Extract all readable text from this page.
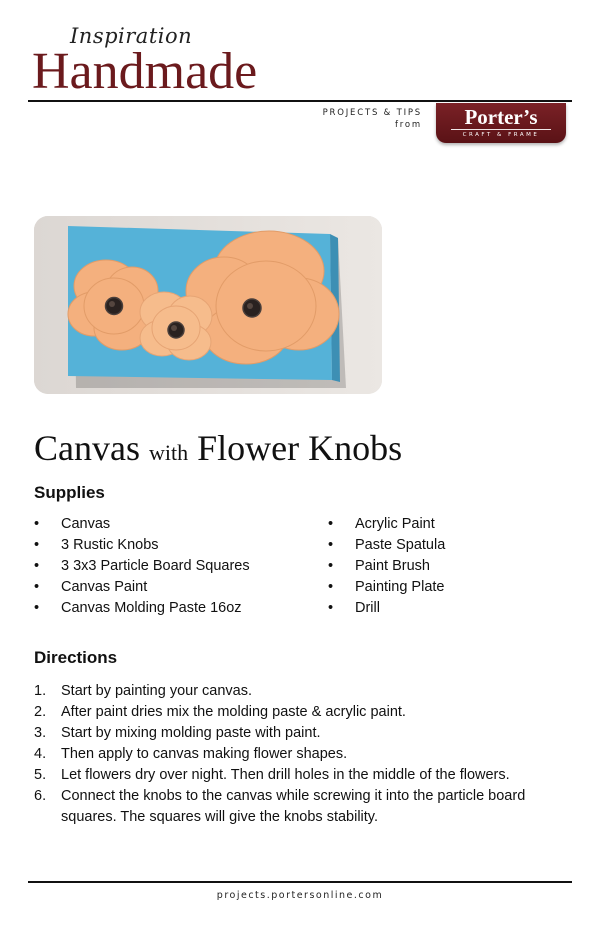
Inspiration
Handmade
PROJECTS & TIPS
from	Porter’s
CRAFT & FRAME
Canvas with Flower Knobs
Supplies
• Canvas
• 3 Rustic Knobs
• 3 3x3 Particle Board Squares
• Canvas Paint
• Canvas Molding Paste 16oz
• Acrylic Paint
• Paste Spatula
• Paint Brush
• Painting Plate
• Drill
Directions
1. Start by painting your canvas.
2. After paint dries mix the molding paste & acrylic paint.
3. Start by mixing molding paste with paint.
4. Then apply to canvas making flower shapes.
5. Let flowers dry over night. Then drill holes in the middle of the flowers.
6. Connect the knobs to the canvas while screwing it into the particle board squares. The squares will give the knobs stability.
projects.portersonline.com
